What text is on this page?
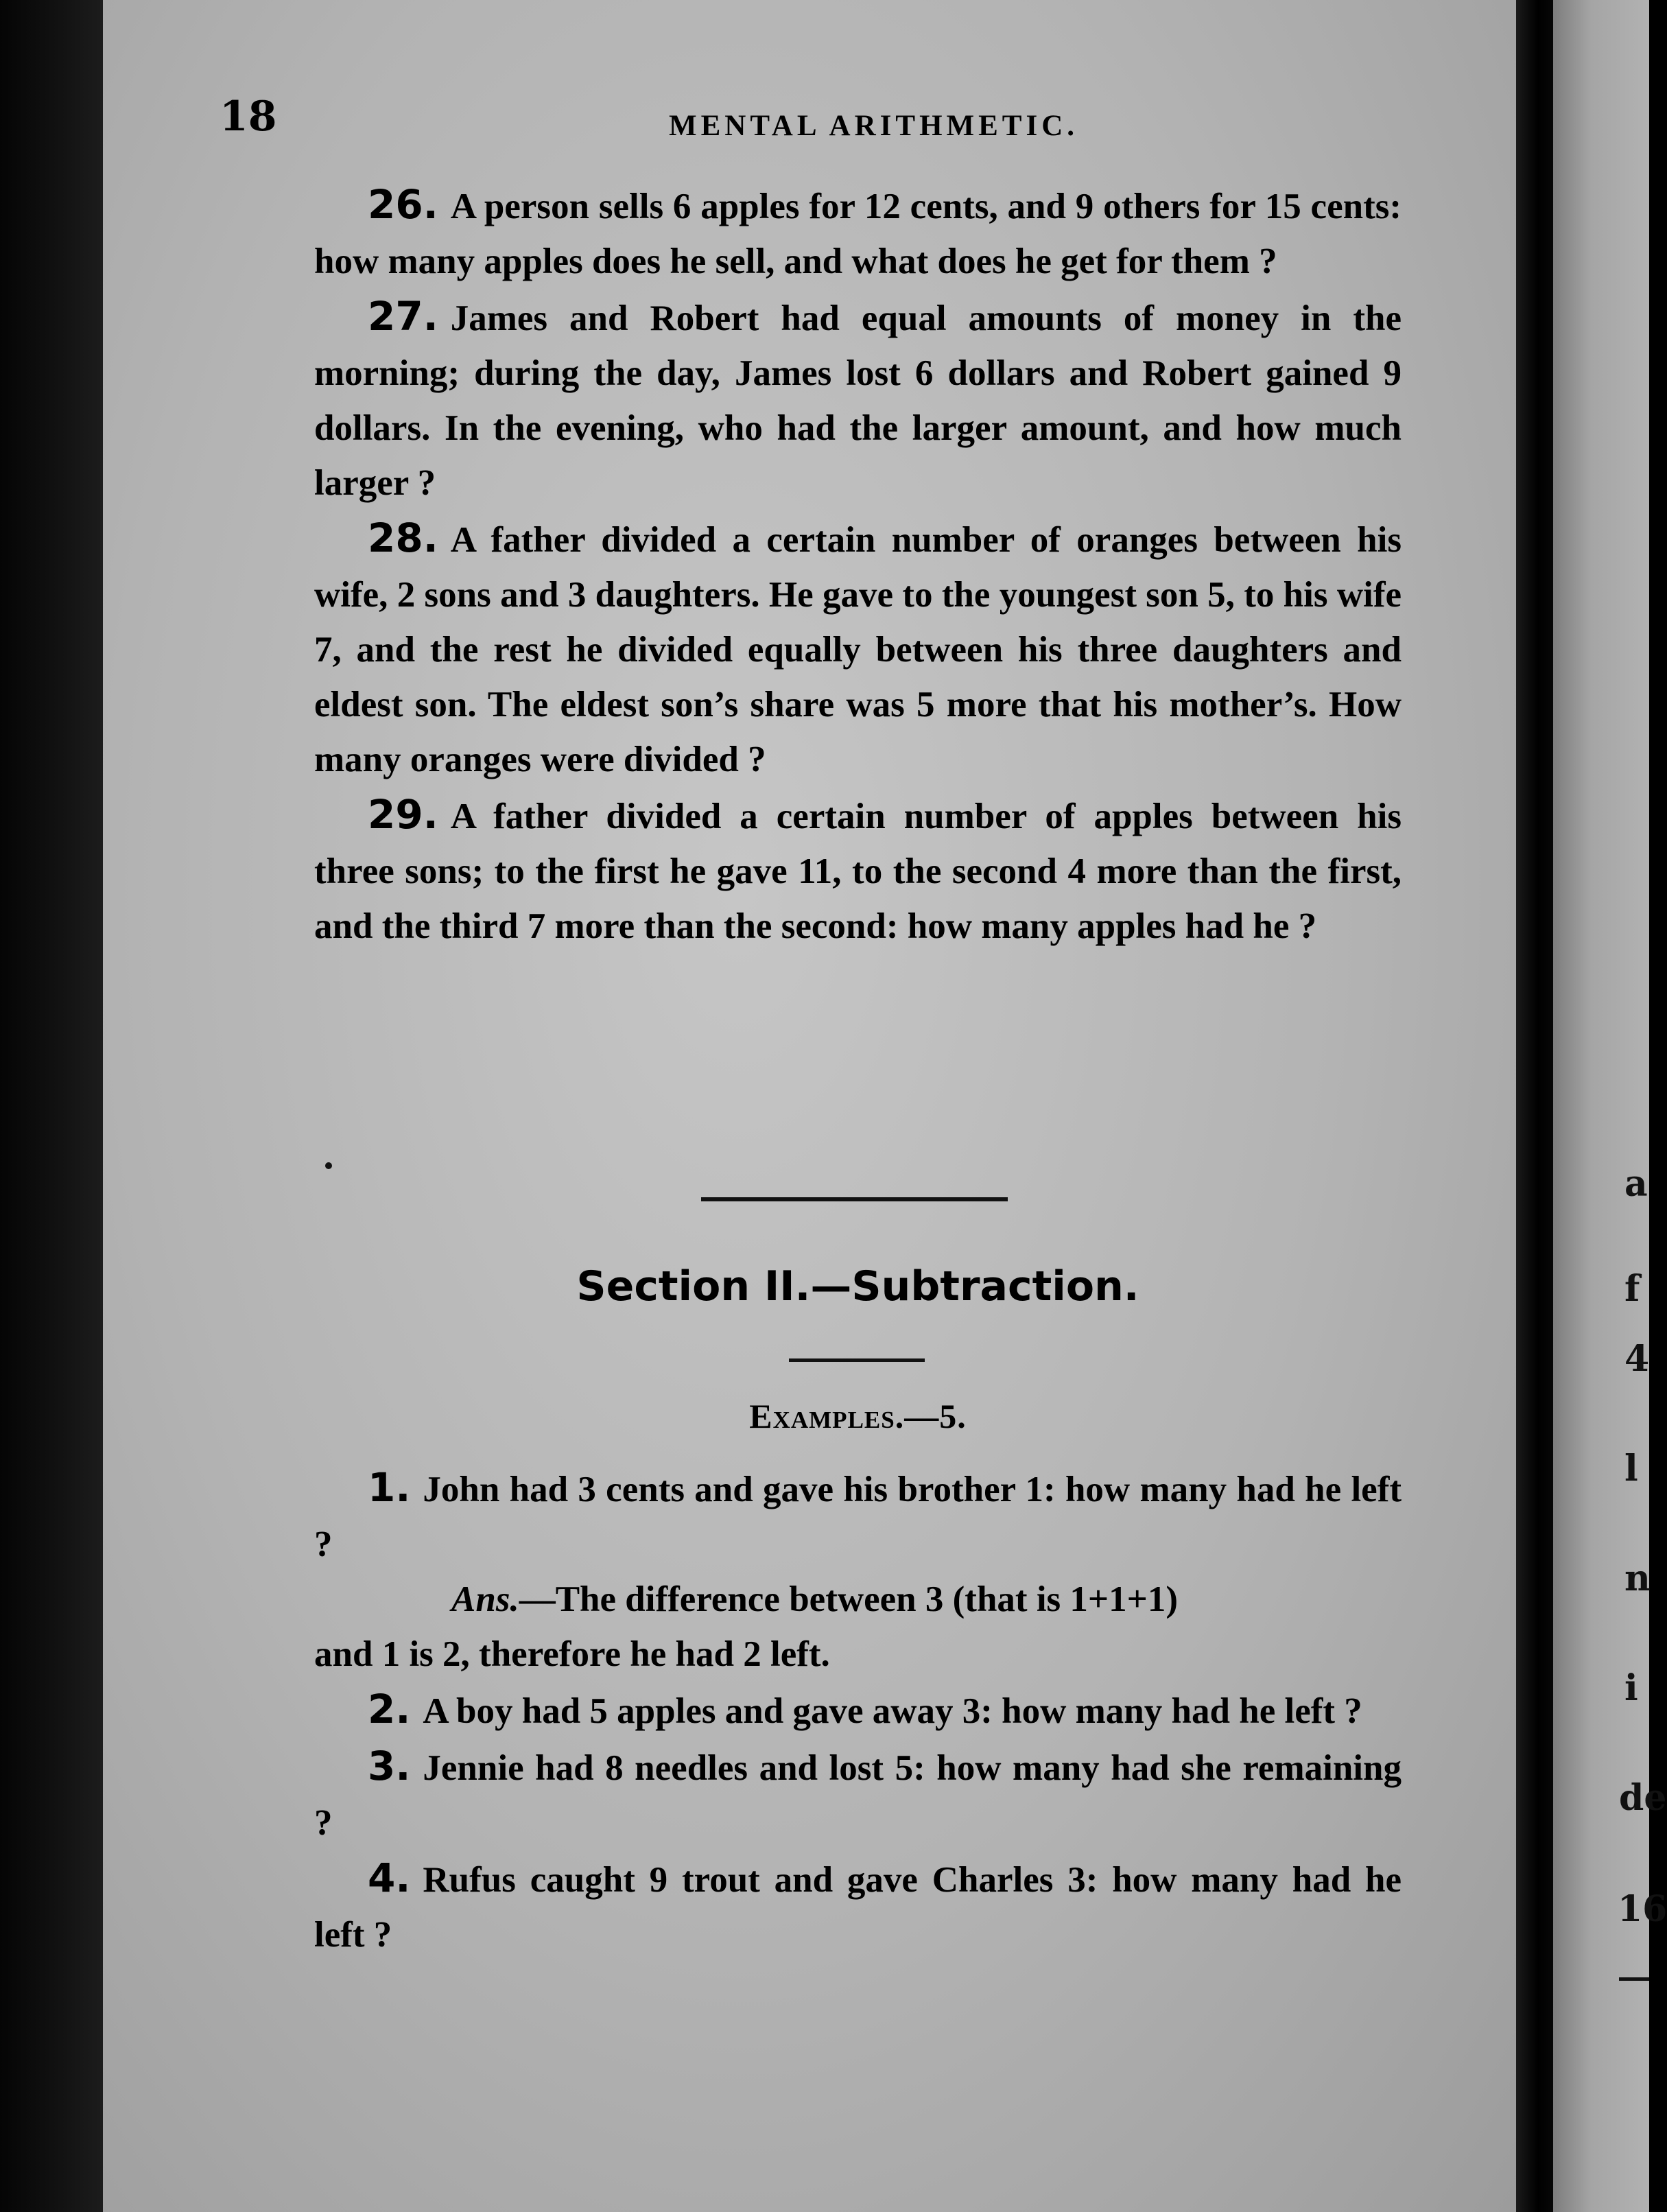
a
f
4
l
n
i
de
16
18	MENTAL ARITHMETIC.

26. A person sells 6 apples for 12 cents, and 9 others for 15 cents: how many apples does he sell, and what does he get for them ?

27. James and Robert had equal amounts of money in the morning; during the day, James lost 6 dollars and Robert gained 9 dollars. In the evening, who had the larger amount, and how much larger ?

28. A father divided a certain number of oranges between his wife, 2 sons and 3 daughters. He gave to the youngest son 5, to his wife 7, and the rest he divided equally between his three daughters and eldest son. The eldest son’s share was 5 more that his mother’s. How many oranges were divided ?

29. A father divided a certain number of apples between his three sons; to the first he gave 11, to the second 4 more than the first, and the third 7 more than the second: how many apples had he ?

Section II.—Subtraction.
Examples.—5.

1. John had 3 cents and gave his brother 1: how many had he left ?

Ans.—The difference between 3 (that is 1+1+1)

and 1 is 2, therefore he had 2 left.

2. A boy had 5 apples and gave away 3: how many had he left ?

3. Jennie had 8 needles and lost 5: how many had she remaining ?

4. Rufus caught 9 trout and gave Charles 3: how many had he left ?
